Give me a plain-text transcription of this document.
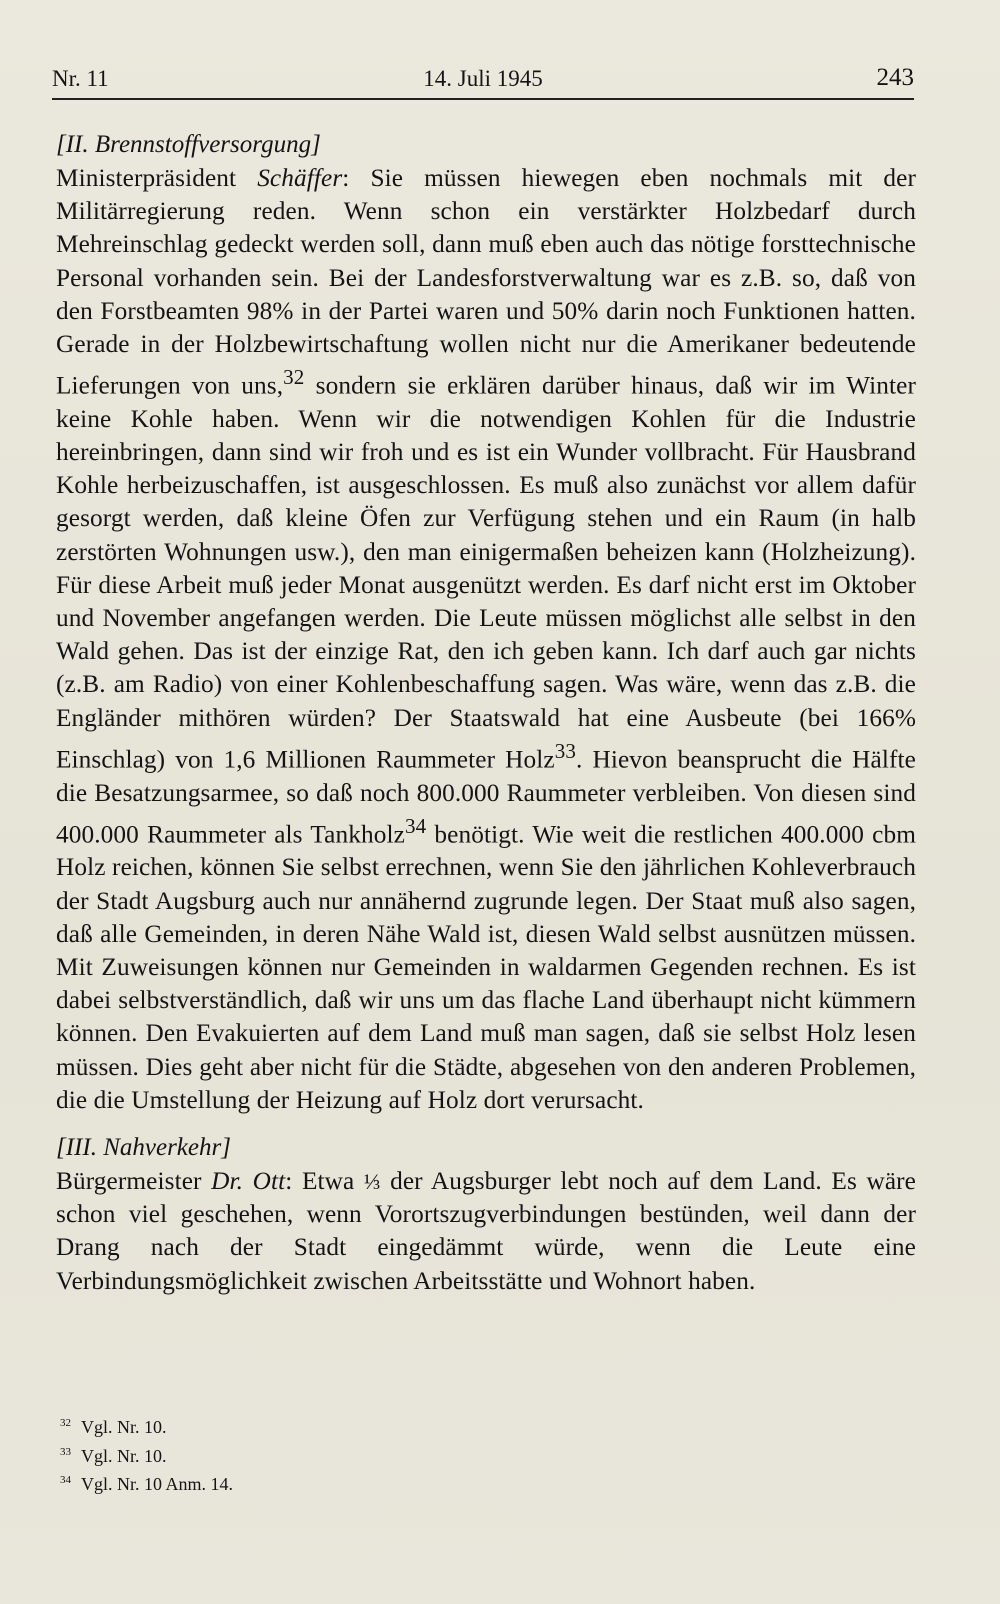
Nr. 11	14. Juli 1945	243
[II. Brennstoffversorgung]

Ministerpräsident Schäffer: Sie müssen hiewegen eben nochmals mit der Militärregierung reden. Wenn schon ein verstärkter Holzbedarf durch Mehreinschlag gedeckt werden soll, dann muß eben auch das nötige forsttechnische Personal vorhanden sein. Bei der Landesforstverwaltung war es z.B. so, daß von den Forstbeamten 98% in der Partei waren und 50% darin noch Funktionen hatten. Gerade in der Holzbewirtschaftung wollen nicht nur die Amerikaner bedeutende Lieferungen von uns,$^{32}$ sondern sie erklären darüber hinaus, daß wir im Winter keine Kohle haben. Wenn wir die notwendigen Kohlen für die Industrie hereinbringen, dann sind wir froh und es ist ein Wunder vollbracht. Für Hausbrand Kohle herbeizuschaffen, ist ausgeschlossen. Es muß also zunächst vor allem dafür gesorgt werden, daß kleine Öfen zur Verfügung stehen und ein Raum (in halb zerstörten Wohnungen usw.), den man einigermaßen beheizen kann (Holzheizung). Für diese Arbeit muß jeder Monat ausgenützt werden. Es darf nicht erst im Oktober und November angefangen werden. Die Leute müssen möglichst alle selbst in den Wald gehen. Das ist der einzige Rat, den ich geben kann. Ich darf auch gar nichts (z.B. am Radio) von einer Kohlenbeschaffung sagen. Was wäre, wenn das z.B. die Engländer mithören würden? Der Staatswald hat eine Ausbeute (bei 166% Einschlag) von 1,6 Millionen Raummeter Holz$^{33}$. Hievon beansprucht die Hälfte die Besatzungsarmee, so daß noch 800.000 Raummeter verbleiben. Von diesen sind 400.000 Raummeter als Tankholz$^{34}$ benötigt. Wie weit die restlichen 400.000 cbm Holz reichen, können Sie selbst errechnen, wenn Sie den jährlichen Kohleverbrauch der Stadt Augsburg auch nur annähernd zugrunde legen. Der Staat muß also sagen, daß alle Gemeinden, in deren Nähe Wald ist, diesen Wald selbst ausnützen müssen. Mit Zuweisungen können nur Gemeinden in waldarmen Gegenden rechnen. Es ist dabei selbstverständlich, daß wir uns um das flache Land überhaupt nicht kümmern können. Den Evakuierten auf dem Land muß man sagen, daß sie selbst Holz lesen müssen. Dies geht aber nicht für die Städte, abgesehen von den anderen Problemen, die die Umstellung der Heizung auf Holz dort verursacht.

[III. Nahverkehr]

Bürgermeister Dr. Ott: Etwa ⅓ der Augsburger lebt noch auf dem Land. Es wäre schon viel geschehen, wenn Vorortszugverbindungen bestünden, weil dann der Drang nach der Stadt eingedämmt würde, wenn die Leute eine Verbindungsmöglichkeit zwischen Arbeitsstätte und Wohnort haben.

$^{32}$ Vgl. Nr. 10.
$^{33}$ Vgl. Nr. 10.
$^{34}$ Vgl. Nr. 10 Anm. 14.
